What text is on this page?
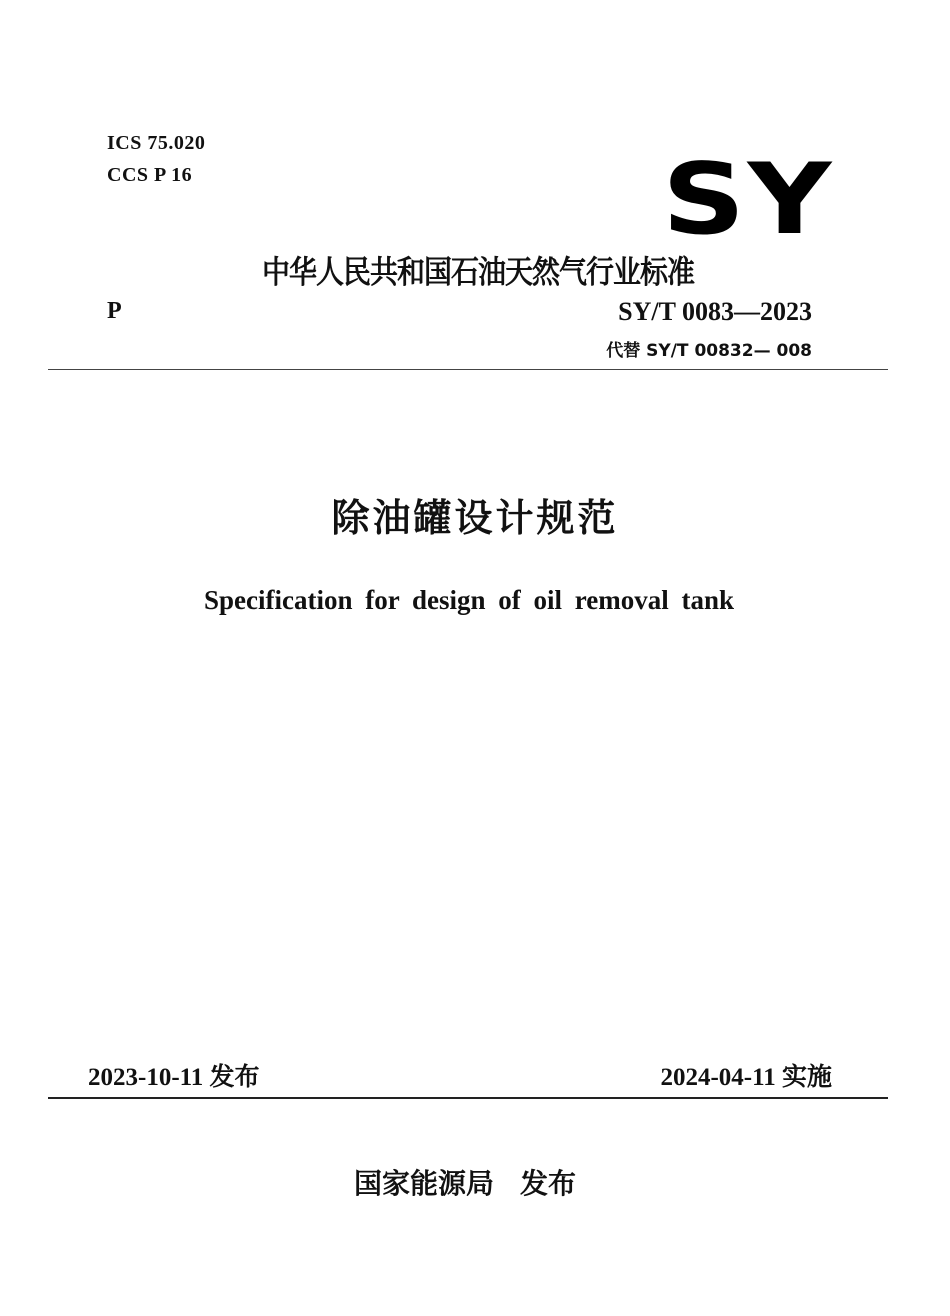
ICS 75.020
CCS P 16	SY
中华人民共和国石油天然气行业标准
P	SY/T 0083—2023
代替 SY/T 00832— 008
除油罐设计规范
Specification for design of oil removal tank
2023-10-11 发布	2024-04-11 实施
国家能源局 发布
